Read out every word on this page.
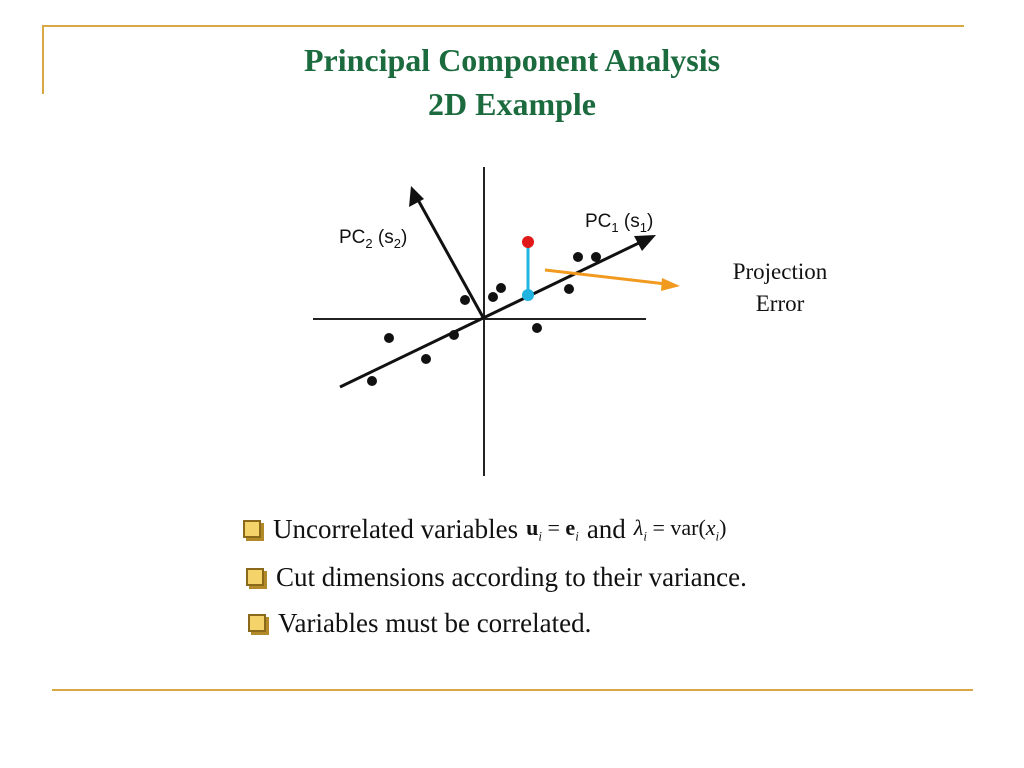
Principal Component Analysis
2D Example
$PC_1$ $(s_1)$
$PC_2$ $(s_2)$
Projection
Error
Uncorrelated variables $u_i = e_i$ and $\lambda_i = var(x_i)$
Cut dimensions according to their variance.
Variables must be correlated.
